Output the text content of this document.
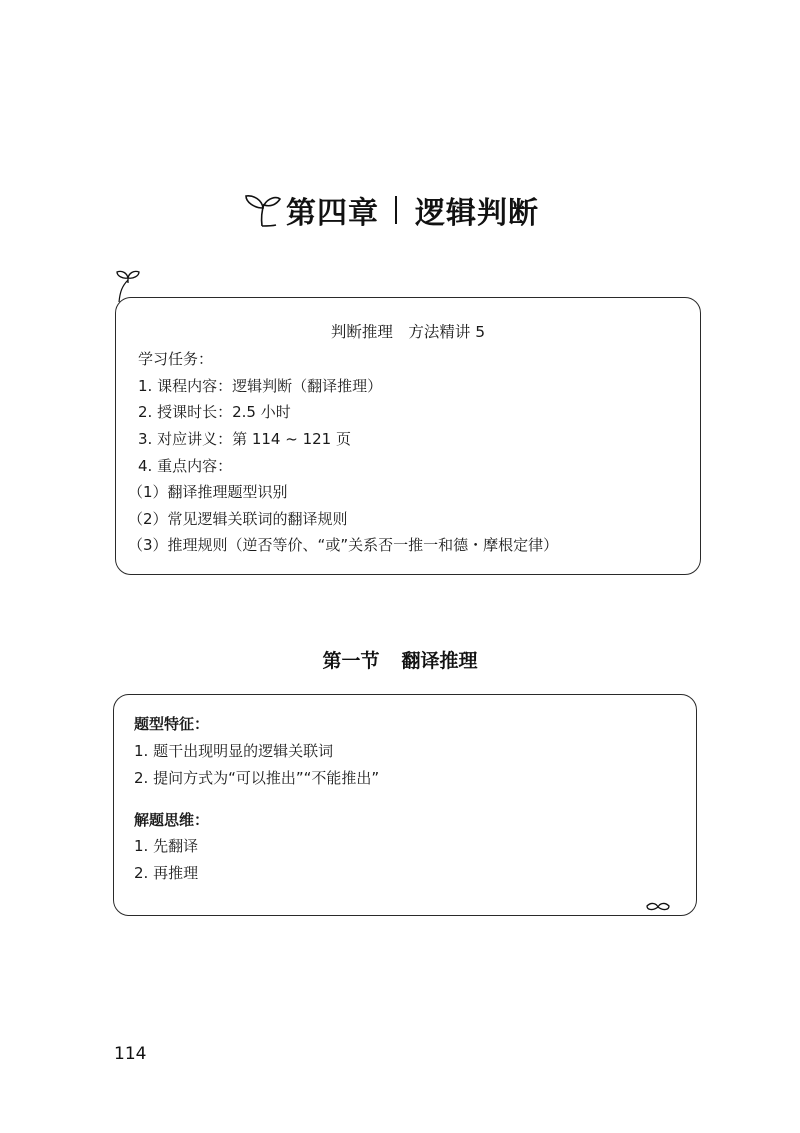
第四章 逻辑判断
判断推理　方法精讲 5
学习任务：
1. 课程内容：逻辑判断（翻译推理）
2. 授课时长：2.5 小时
3. 对应讲义：第 114 ~ 121 页
4. 重点内容：
（1）翻译推理题型识别
（2）常见逻辑关联词的翻译规则
（3）推理规则（逆否等价、“或”关系否一推一和德・摩根定律）
第一节 翻译推理
题型特征：
1. 题干出现明显的逻辑关联词
2. 提问方式为“可以推出”“不能推出”
解题思维：
1. 先翻译
2. 再推理
114
